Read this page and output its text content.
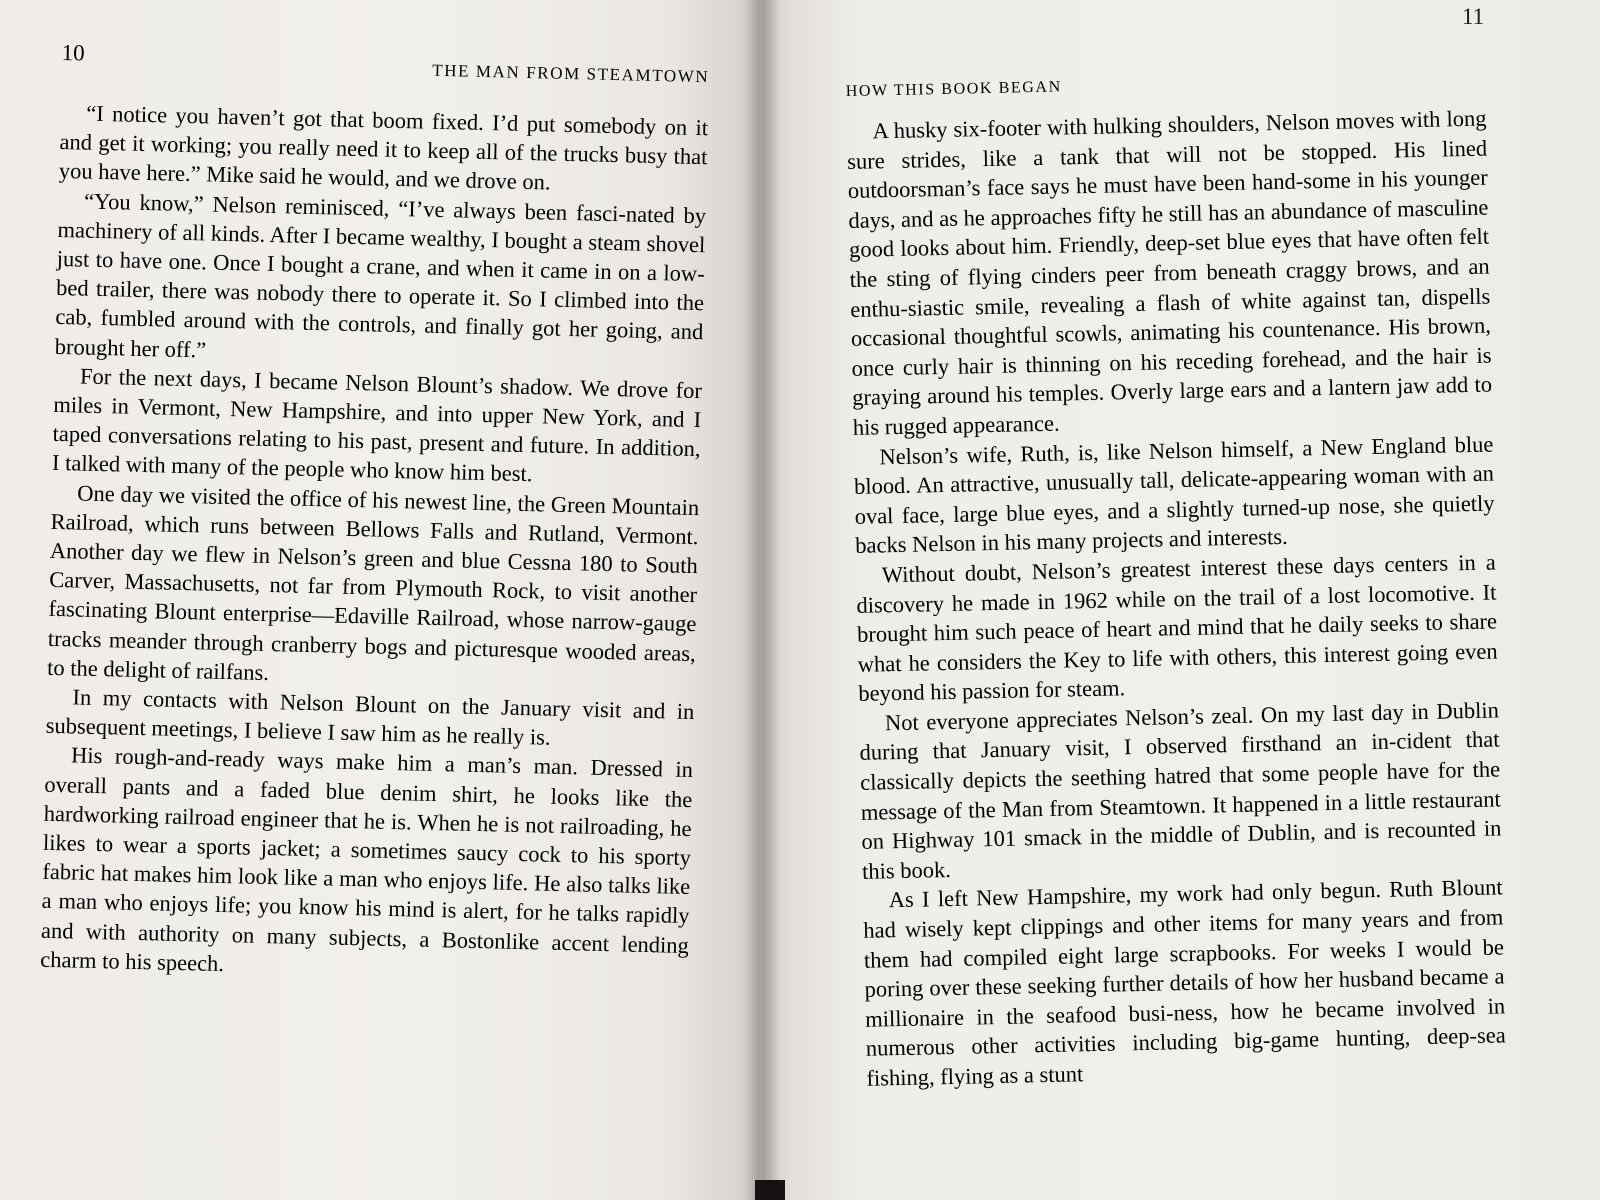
10
THE MAN FROM STEAMTOWN

“I notice you haven’t got that boom fixed. I’d put somebody on it and get it working; you really need it to keep all of the trucks busy that you have here.” Mike said he would, and we drove on.

“You know,” Nelson reminisced, “I’ve always been fasci-nated by machinery of all kinds. After I became wealthy, I bought a steam shovel just to have one. Once I bought a crane, and when it came in on a low-bed trailer, there was nobody there to operate it. So I climbed into the cab, fumbled around with the controls, and finally got her going, and brought her off.”

For the next days, I became Nelson Blount’s shadow. We drove for miles in Vermont, New Hampshire, and into upper New York, and I taped conversations relating to his past, present and future. In addition, I talked with many of the people who know him best.

One day we visited the office of his newest line, the Green Mountain Railroad, which runs between Bellows Falls and Rutland, Vermont. Another day we flew in Nelson’s green and blue Cessna 180 to South Carver, Massachusetts, not far from Plymouth Rock, to visit another fascinating Blount enterprise—Edaville Railroad, whose narrow-gauge tracks meander through cranberry bogs and picturesque wooded areas, to the delight of railfans.

In my contacts with Nelson Blount on the January visit and in subsequent meetings, I believe I saw him as he really is.

His rough-and-ready ways make him a man’s man. Dressed in overall pants and a faded blue denim shirt, he looks like the hardworking railroad engineer that he is. When he is not railroading, he likes to wear a sports jacket; a sometimes saucy cock to his sporty fabric hat makes him look like a man who enjoys life. He also talks like a man who enjoys life; you know his mind is alert, for he talks rapidly and with authority on many subjects, a Bostonlike accent lending charm to his speech.

11
HOW THIS BOOK BEGAN

A husky six-footer with hulking shoulders, Nelson moves with long sure strides, like a tank that will not be stopped. His lined outdoorsman’s face says he must have been hand-some in his younger days, and as he approaches fifty he still has an abundance of masculine good looks about him. Friendly, deep-set blue eyes that have often felt the sting of flying cinders peer from beneath craggy brows, and an enthu-siastic smile, revealing a flash of white against tan, dispells occasional thoughtful scowls, animating his countenance. His brown, once curly hair is thinning on his receding forehead, and the hair is graying around his temples. Overly large ears and a lantern jaw add to his rugged appearance.

Nelson’s wife, Ruth, is, like Nelson himself, a New England blue blood. An attractive, unusually tall, delicate-appearing woman with an oval face, large blue eyes, and a slightly turned-up nose, she quietly backs Nelson in his many projects and interests.

Without doubt, Nelson’s greatest interest these days centers in a discovery he made in 1962 while on the trail of a lost locomotive. It brought him such peace of heart and mind that he daily seeks to share what he considers the Key to life with others, this interest going even beyond his passion for steam.

Not everyone appreciates Nelson’s zeal. On my last day in Dublin during that January visit, I observed firsthand an in-cident that classically depicts the seething hatred that some people have for the message of the Man from Steamtown. It happened in a little restaurant on Highway 101 smack in the middle of Dublin, and is recounted in this book.

As I left New Hampshire, my work had only begun. Ruth Blount had wisely kept clippings and other items for many years and from them had compiled eight large scrapbooks. For weeks I would be poring over these seeking further details of how her husband became a millionaire in the seafood busi-ness, how he became involved in numerous other activities including big-game hunting, deep-sea fishing, flying as a stunt
